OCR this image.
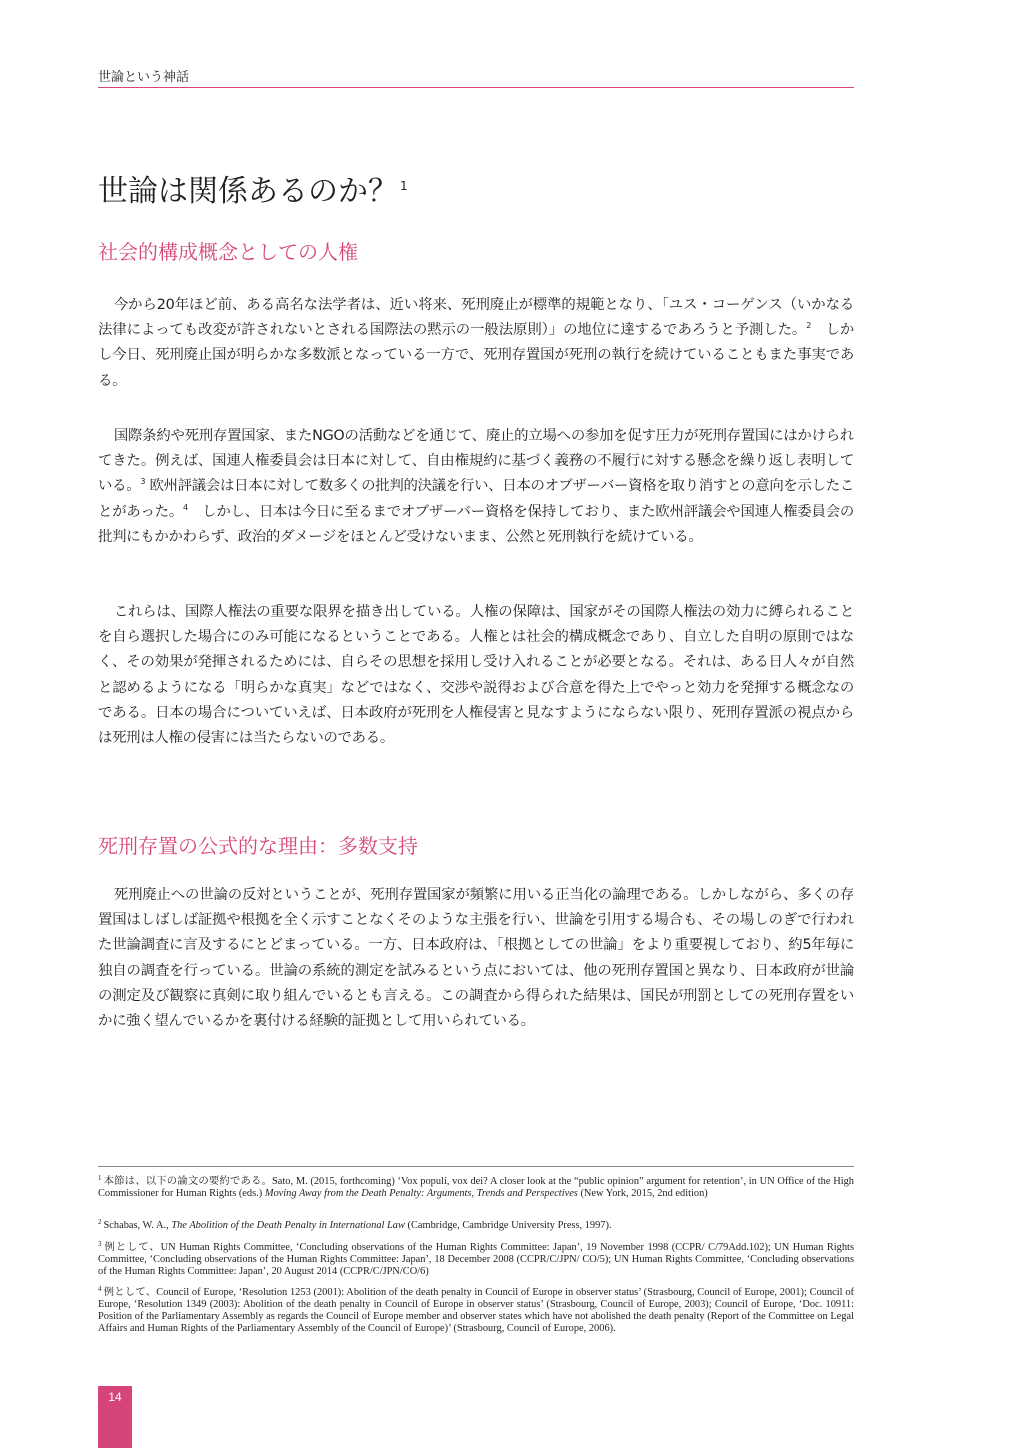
世論という神話
世論は関係あるのか？ $^1$
社会的構成概念としての人権

今から20年ほど前、ある高名な法学者は、近い将来、死刑廃止が標準的規範となり、「ユス・コーゲンス（いかなる法律によっても改変が許されないとされる国際法の黙示の一般法原則）」の地位に達するであろうと予測した。$^2$　しかし今日、死刑廃止国が明らかな多数派となっている一方で、死刑存置国が死刑の執行を続けていることもまた事実である。

国際条約や死刑存置国家、またNGOの活動などを通じて、廃止的立場への参加を促す圧力が死刑存置国にはかけられてきた。例えば、国連人権委員会は日本に対して、自由権規約に基づく義務の不履行に対する懸念を繰り返し表明している。$^3$ 欧州評議会は日本に対して数多くの批判的決議を行い、日本のオブザーバー資格を取り消すとの意向を示したことがあった。$^4$　しかし、日本は今日に至るまでオブザーバー資格を保持しており、また欧州評議会や国連人権委員会の批判にもかかわらず、政治的ダメージをほとんど受けないまま、公然と死刑執行を続けている。

これらは、国際人権法の重要な限界を描き出している。人権の保障は、国家がその国際人権法の効力に縛られることを自ら選択した場合にのみ可能になるということである。人権とは社会的構成概念であり、自立した自明の原則ではなく、その効果が発揮されるためには、自らその思想を採用し受け入れることが必要となる。それは、ある日人々が自然と認めるようになる「明らかな真実」などではなく、交渉や説得および合意を得た上でやっと効力を発揮する概念なのである。日本の場合についていえば、日本政府が死刑を人権侵害と見なすようにならない限り、死刑存置派の視点からは死刑は人権の侵害には当たらないのである。

死刑存置の公式的な理由：多数支持

死刑廃止への世論の反対ということが、死刑存置国家が頻繁に用いる正当化の論理である。しかしながら、多くの存置国はしばしば証拠や根拠を全く示すことなくそのような主張を行い、世論を引用する場合も、その場しのぎで行われた世論調査に言及するにとどまっている。一方、日本政府は、「根拠としての世論」をより重要視しており、約5年毎に独自の調査を行っている。世論の系統的測定を試みるという点においては、他の死刑存置国と異なり、日本政府が世論の測定及び観察に真剣に取り組んでいるとも言える。この調査から得られた結果は、国民が刑罰としての死刑存置をいかに強く望んでいるかを裏付ける経験的証拠として用いられている。

$^1$ 本節は、以下の論文の要約である。Sato, M. (2015, forthcoming) ‘Vox populi, vox dei? A closer look at the “public opinion” argument for retention’, in UN Office of the High Commissioner for Human Rights (eds.) Moving Away from the Death Penalty: Arguments, Trends and Perspectives (New York, 2015, 2nd edition)

$^2$ Schabas, W. A., The Abolition of the Death Penalty in International Law (Cambridge, Cambridge University Press, 1997).

$^3$ 例として、UN Human Rights Committee, ‘Concluding observations of the Human Rights Committee: Japan’, 19 November 1998 (CCPR/ C/79Add.102); UN Human Rights Committee, ‘Concluding observations of the Human Rights Committee: Japan’, 18 December 2008 (CCPR/C/JPN/ CO/5); UN Human Rights Committee, ‘Concluding observations of the Human Rights Committee: Japan’, 20 August 2014 (CCPR/C/JPN/CO/6)

$^4$ 例として、Council of Europe, ‘Resolution 1253 (2001): Abolition of the death penalty in Council of Europe in observer status’ (Strasbourg, Council of Europe, 2001); Council of Europe, ‘Resolution 1349 (2003): Abolition of the death penalty in Council of Europe in observer status’ (Strasbourg, Council of Europe, 2003); Council of Europe, ‘Doc. 10911: Position of the Parliamentary Assembly as regards the Council of Europe member and observer states which have not abolished the death penalty (Report of the Committee on Legal Affairs and Human Rights of the Parliamentary Assembly of the Council of Europe)’ (Strasbourg, Council of Europe, 2006).

14
